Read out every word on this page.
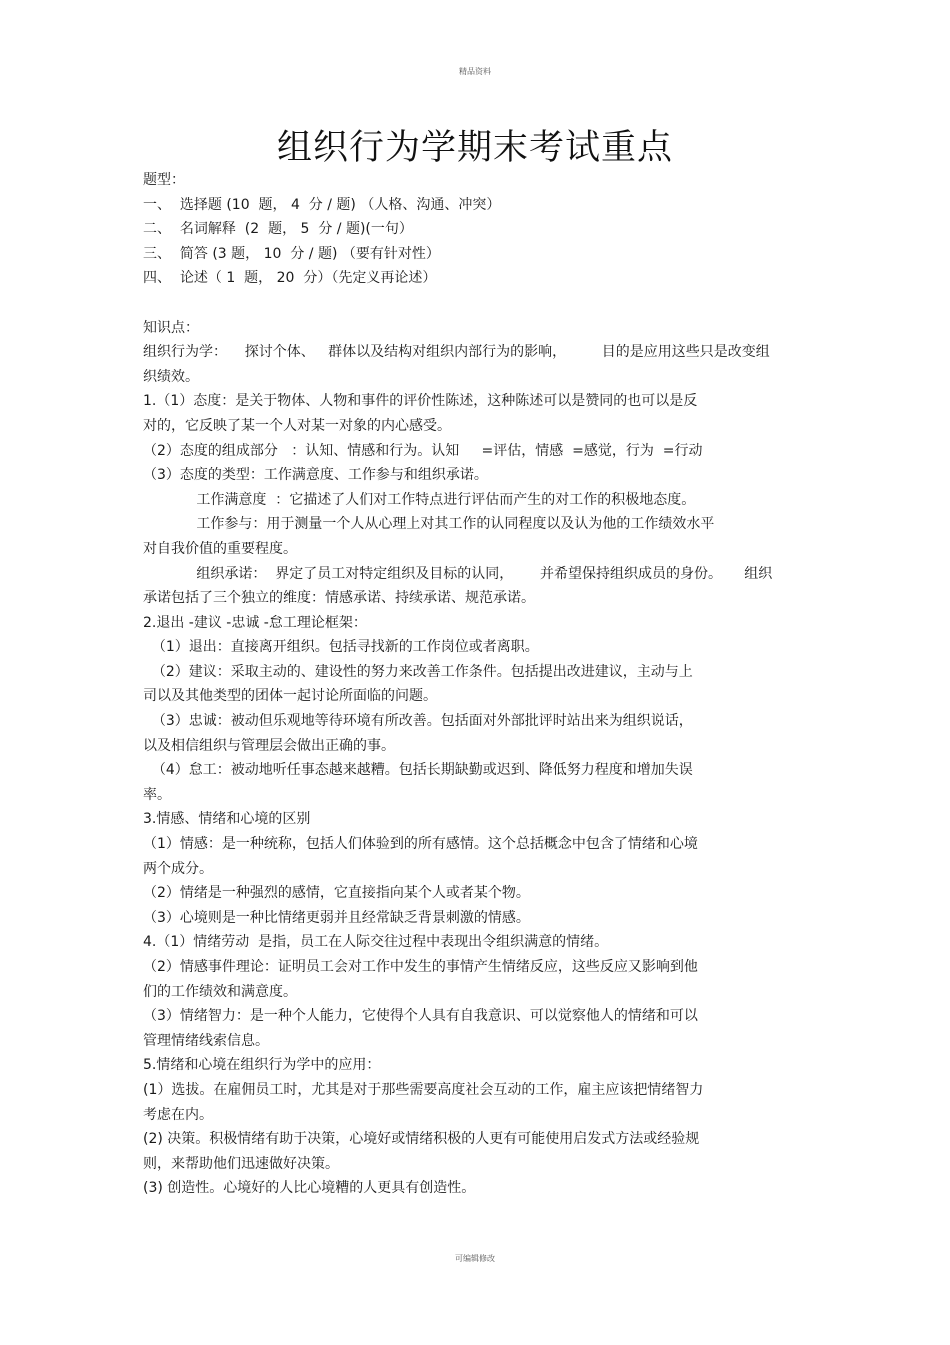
精品资料
组织行为学期末考试重点
题型：
一、  选择题 (10  题， 4  分 / 题) （人格、沟通、冲突）
二、  名词解释  (2  题， 5  分 / 题)(一句）
三、  简答 (3 题， 10  分 / 题) （要有针对性）
四、  论述（ 1  题， 20  分）（先定义再论述）
知识点：
组织行为学：    探讨个体、   群体以及结构对组织内部行为的影响，        目的是应用这些只是改变组
织绩效。
1.（1）态度：是关于物体、人物和事件的评价性陈述，这种陈述可以是赞同的也可以是反
对的，它反映了某一个人对某一对象的内心感受。
（2）态度的组成部分   ：认知、情感和行为。认知     =评估，情感  =感觉，行为  =行动
（3）态度的类型：工作满意度、工作参与和组织承诺。
工作满意度  ：它描述了人们对工作特点进行评估而产生的对工作的积极地态度。
工作参与：用于测量一个人从心理上对其工作的认同程度以及认为他的工作绩效水平
对自我价值的重要程度。
组织承诺：  界定了员工对特定组织及目标的认同，      并希望保持组织成员的身份。     组织
承诺包括了三个独立的维度：情感承诺、持续承诺、规范承诺。
2.退出 -建议 -忠诚 -怠工理论框架：
（1）退出：直接离开组织。包括寻找新的工作岗位或者离职。
（2）建议：采取主动的、建设性的努力来改善工作条件。包括提出改进建议，主动与上
司以及其他类型的团体一起讨论所面临的问题。
（3）忠诚：被动但乐观地等待环境有所改善。包括面对外部批评时站出来为组织说话，
以及相信组织与管理层会做出正确的事。
（4）怠工：被动地听任事态越来越糟。包括长期缺勤或迟到、降低努力程度和增加失误
率。
3.情感、情绪和心境的区别
（1）情感：是一种统称，包括人们体验到的所有感情。这个总括概念中包含了情绪和心境
两个成分。
（2）情绪是一种强烈的感情，它直接指向某个人或者某个物。
（3）心境则是一种比情绪更弱并且经常缺乏背景刺激的情感。
4.（1）情绪劳动  是指，员工在人际交往过程中表现出令组织满意的情绪。
（2）情感事件理论：证明员工会对工作中发生的事情产生情绪反应，这些反应又影响到他
们的工作绩效和满意度。
（3）情绪智力：是一种个人能力，它使得个人具有自我意识、可以觉察他人的情绪和可以
管理情绪线索信息。
5.情绪和心境在组织行为学中的应用：
(1）选拔。在雇佣员工时，尤其是对于那些需要高度社会互动的工作，雇主应该把情绪智力
考虑在内。
(2) 决策。积极情绪有助于决策，心境好或情绪积极的人更有可能使用启发式方法或经验规
则，来帮助他们迅速做好决策。
(3) 创造性。心境好的人比心境糟的人更具有创造性。
可编辑修改
